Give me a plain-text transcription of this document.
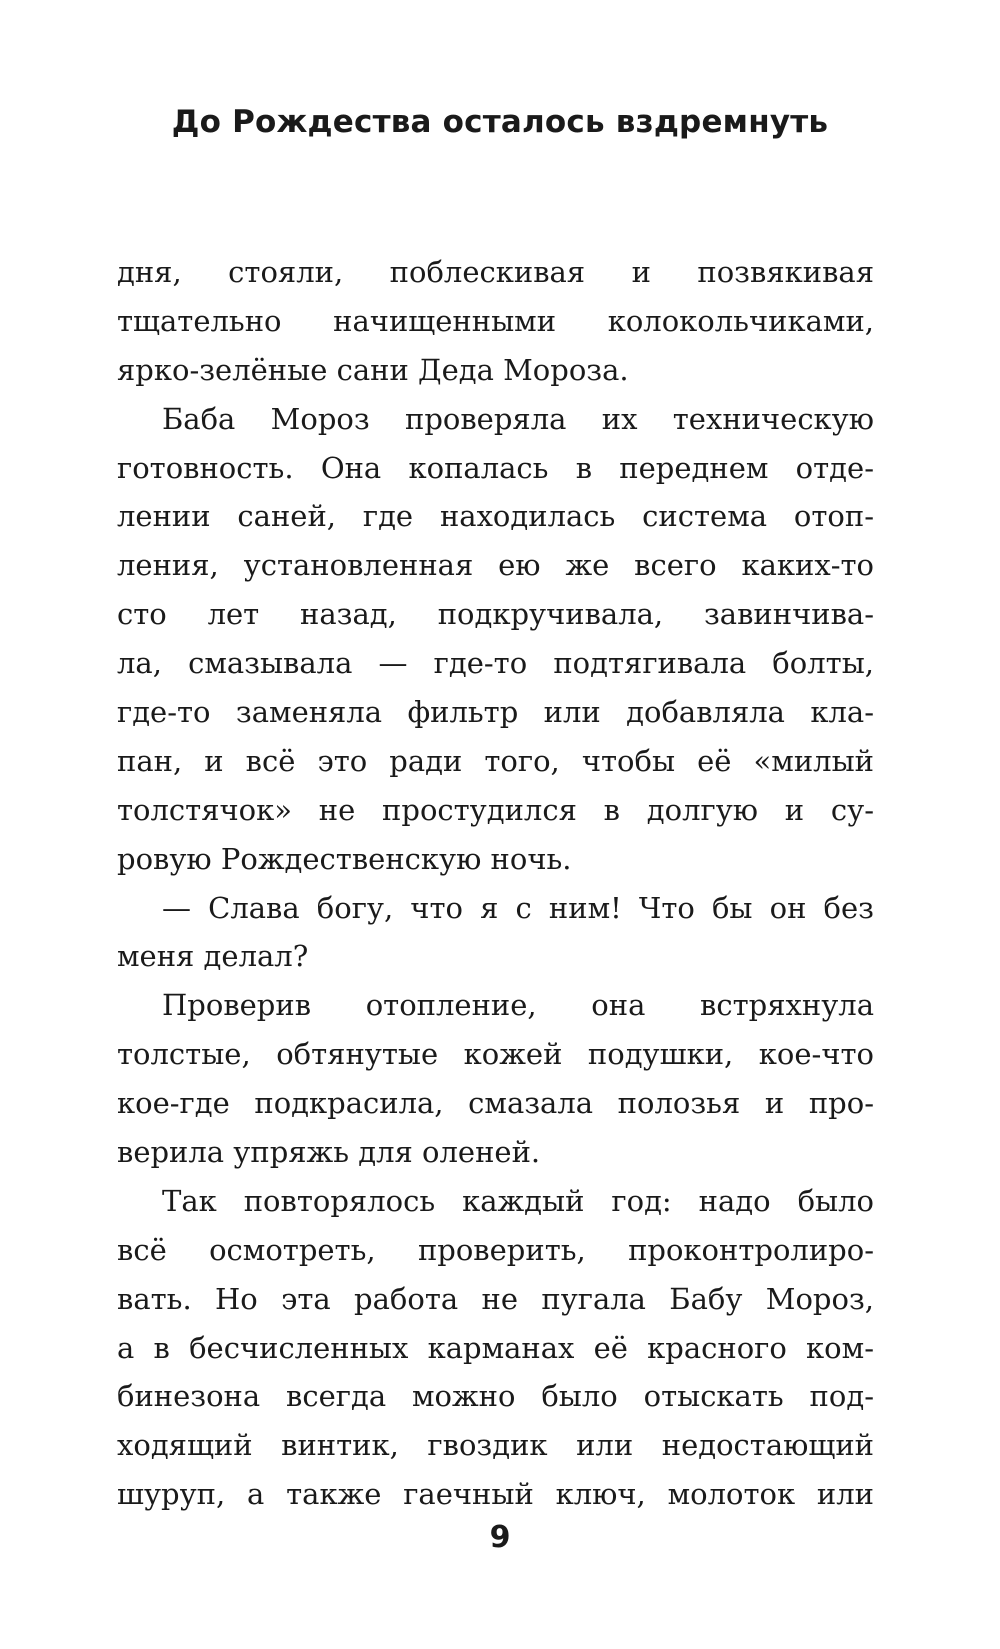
До Рождества осталось вздремнуть
дня, стояли, поблескивая и позвякивая
тщательно начищенными колокольчиками,
ярко-зелёные сани Деда Мороза.
Баба Мороз проверяла их техническую
готовность. Она копалась в переднем отде-
лении саней, где находилась система отоп-
ления, установленная ею же всего каких-то
сто лет назад, подкручивала, завинчива-
ла, смазывала — где-то подтягивала болты,
где-то заменяла фильтр или добавляла кла-
пан, и всё это ради того, чтобы её «милый
толстячок» не простудился в долгую и су-
ровую Рождественскую ночь.
— Слава богу, что я с ним! Что бы он без
меня делал?
Проверив отопление, она встряхнула
толстые, обтянутые кожей подушки, кое-что
кое-где подкрасила, смазала полозья и про-
верила упряжь для оленей.
Так повторялось каждый год: надо было
всё осмотреть, проверить, проконтролиро-
вать. Но эта работа не пугала Бабу Мороз,
а в бесчисленных карманах её красного ком-
бинезона всегда можно было отыскать под-
ходящий винтик, гвоздик или недостающий
шуруп, а также гаечный ключ, молоток или
9
